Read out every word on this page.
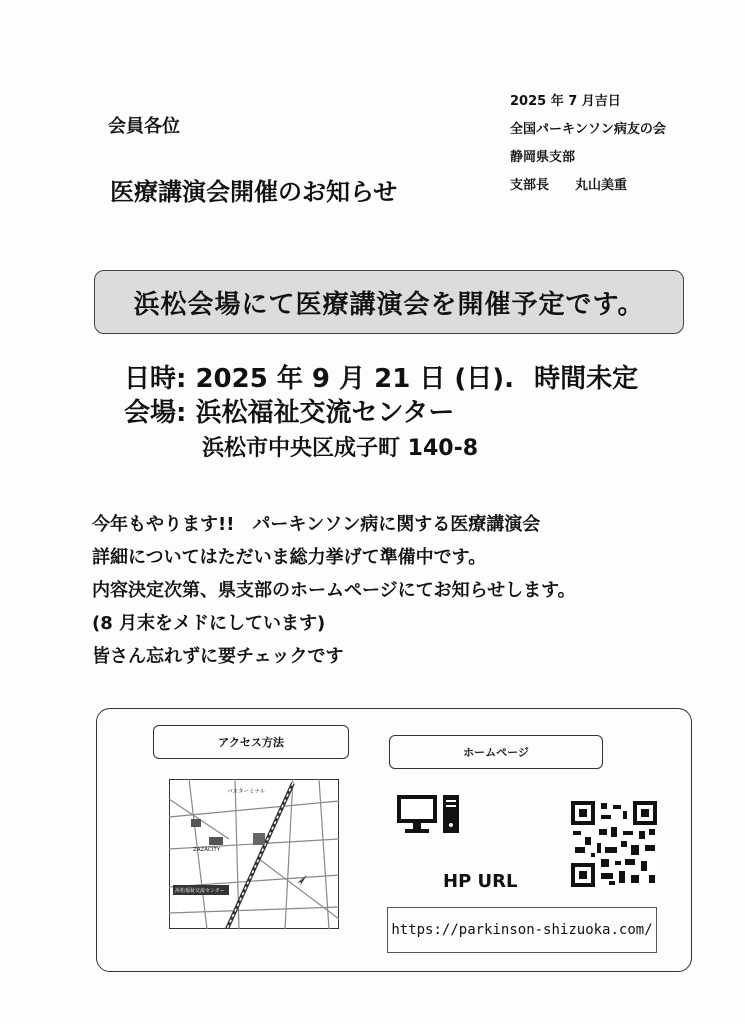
会員各位
医療講演会開催のお知らせ
2025 年 7 月吉日
全国パーキンソン病友の会
静岡県支部
支部長 丸山美重
浜松会場にて医療講演会を開催予定です。
日時: 2025 年 9 月 21 日 (日). 時間未定
会場: 浜松福祉交流センター
浜松市中央区成子町 140-8
今年もやります!!　パーキンソン病に関する医療講演会
詳細についてはただいま総力挙げて準備中です。
内容決定次第、県支部のホームページにてお知らせします。
(8 月末をメドにしています)
皆さん忘れずに要チェックです
アクセス方法
ホームページ
バスターミナル
ZAZACITY
浜松福祉交流センター	HP URL
https://parkinson-shizuoka.com/
